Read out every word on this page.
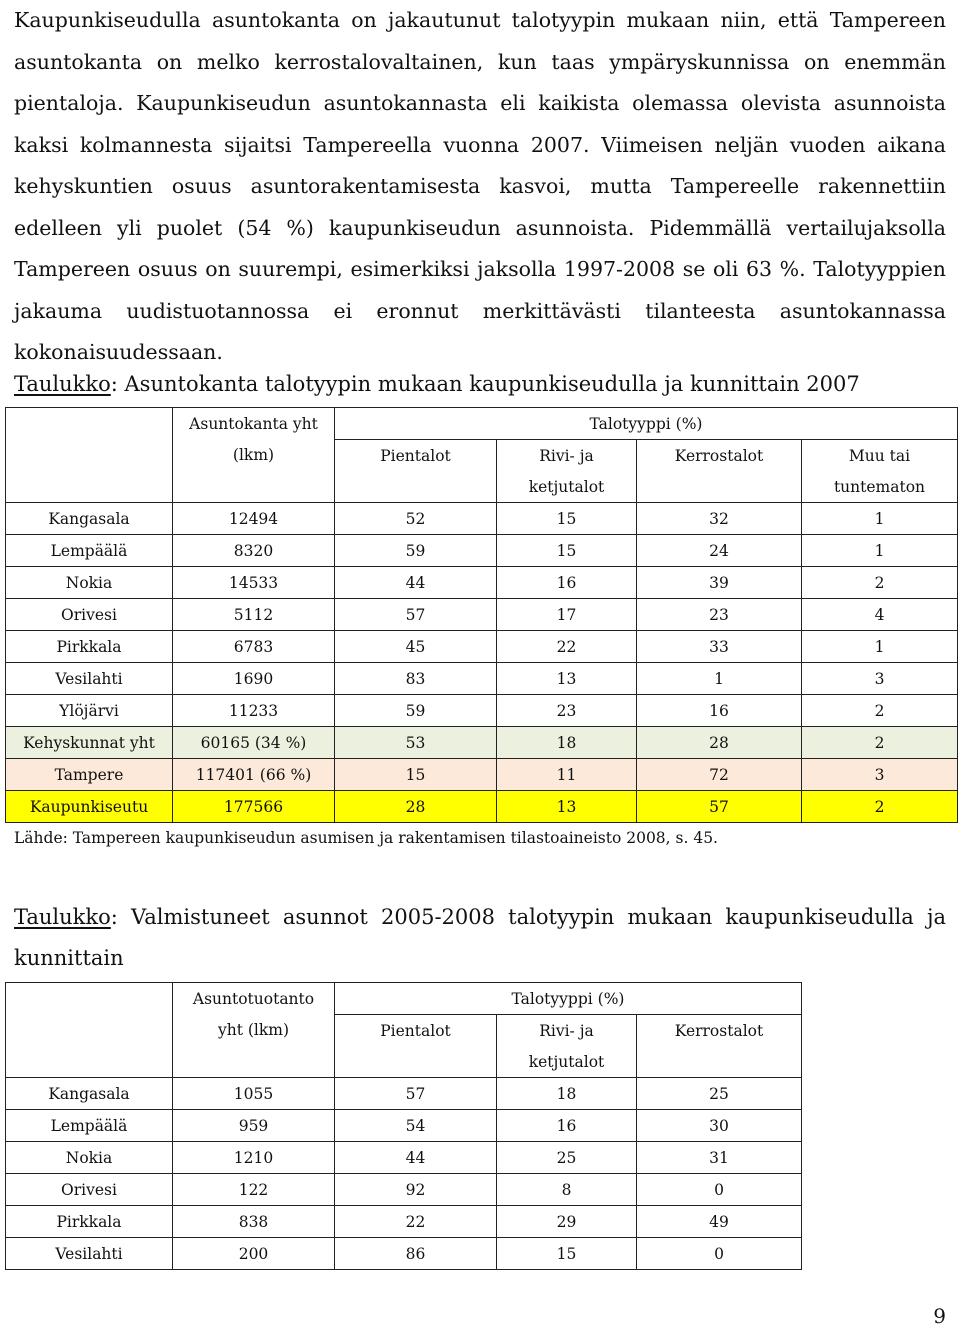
Kaupunkiseudulla asuntokanta on jakautunut talotyypin mukaan niin, että Tampereen asuntokanta on melko kerrostalovaltainen, kun taas ympäryskunnissa on enemmän pientaloja. Kaupunkiseudun asuntokannasta eli kaikista olemassa olevista asunnoista kaksi kolmannesta sijaitsi Tampereella vuonna 2007. Viimeisen neljän vuoden aikana kehyskuntien osuus asuntorakentamisesta kasvoi, mutta Tampereelle rakennettiin edelleen yli puolet (54 %) kaupunkiseudun asunnoista. Pidemmällä vertailujaksolla Tampereen osuus on suurempi, esimerkiksi jaksolla 1997-2008 se oli 63 %. Talotyyppien jakauma uudistuotannossa ei eronnut merkittävästi tilanteesta asuntokannassa kokonaisuudessaan.

Taulukko: Asuntokanta talotyypin mukaan kaupunkiseudulla ja kunnittain 2007

	Asuntokanta yht	Talotyyppi (%)			
	(lkm)	Pientalot	Rivi- ja	Kerrostalot	Muu tai
			ketjutalot		tuntematon
Kangasala	12494	52	15	32	1
Lempäälä	8320	59	15	24	1
Nokia	14533	44	16	39	2
Orivesi	5112	57	17	23	4
Pirkkala	6783	45	22	33	1
Vesilahti	1690	83	13	1	3
Ylöjärvi	11233	59	23	16	2
Kehyskunnat yht	60165 (34 %)	53	18	28	2
Tampere	117401 (66 %)	15	11	72	3
Kaupunkiseutu	177566	28	13	57	2

Lähde: Tampereen kaupunkiseudun asumisen ja rakentamisen tilastoaineisto 2008, s. 45.

Taulukko: Valmistuneet asunnot 2005-2008 talotyypin mukaan kaupunkiseudulla ja kunnittain

	Asuntotuotanto	Talotyyppi (%)		
	yht (lkm)	Pientalot	Rivi- ja	Kerrostalot
			ketjutalot	
Kangasala	1055	57	18	25
Lempäälä	959	54	16	30
Nokia	1210	44	25	31
Orivesi	122	92	8	0
Pirkkala	838	22	29	49
Vesilahti	200	86	15	0

9
